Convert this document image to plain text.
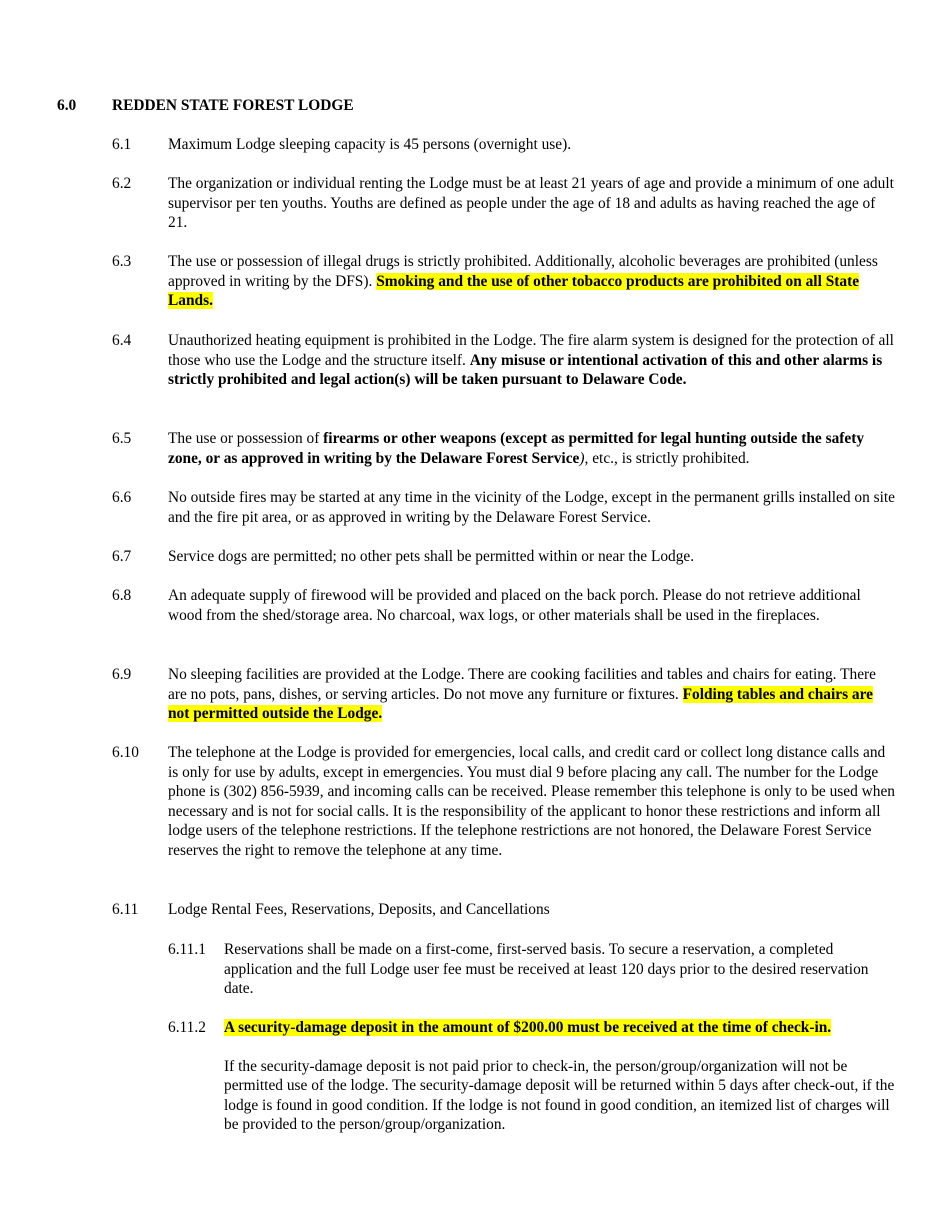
6.0 REDDEN STATE FOREST LODGE
6.1 Maximum Lodge sleeping capacity is 45 persons (overnight use).
6.2 The organization or individual renting the Lodge must be at least 21 years of age and provide a minimum of one adult supervisor per ten youths. Youths are defined as people under the age of 18 and adults as having reached the age of 21.
6.3 The use or possession of illegal drugs is strictly prohibited. Additionally, alcoholic beverages are prohibited (unless approved in writing by the DFS). Smoking and the use of other tobacco products are prohibited on all State Lands.
6.4 Unauthorized heating equipment is prohibited in the Lodge. The fire alarm system is designed for the protection of all those who use the Lodge and the structure itself. Any misuse or intentional activation of this and other alarms is strictly prohibited and legal action(s) will be taken pursuant to Delaware Code.
6.5 The use or possession of firearms or other weapons (except as permitted for legal hunting outside the safety zone, or as approved in writing by the Delaware Forest Service), etc., is strictly prohibited.
6.6 No outside fires may be started at any time in the vicinity of the Lodge, except in the permanent grills installed on site and the fire pit area, or as approved in writing by the Delaware Forest Service.
6.7 Service dogs are permitted; no other pets shall be permitted within or near the Lodge.
6.8 An adequate supply of firewood will be provided and placed on the back porch. Please do not retrieve additional wood from the shed/storage area. No charcoal, wax logs, or other materials shall be used in the fireplaces.
6.9 No sleeping facilities are provided at the Lodge. There are cooking facilities and tables and chairs for eating. There are no pots, pans, dishes, or serving articles. Do not move any furniture or fixtures. Folding tables and chairs are not permitted outside the Lodge.
6.10 The telephone at the Lodge is provided for emergencies, local calls, and credit card or collect long distance calls and is only for use by adults, except in emergencies. You must dial 9 before placing any call. The number for the Lodge phone is (302) 856-5939, and incoming calls can be received. Please remember this telephone is only to be used when necessary and is not for social calls. It is the responsibility of the applicant to honor these restrictions and inform all lodge users of the telephone restrictions. If the telephone restrictions are not honored, the Delaware Forest Service reserves the right to remove the telephone at any time.
6.11 Lodge Rental Fees, Reservations, Deposits, and Cancellations
6.11.1 Reservations shall be made on a first-come, first-served basis. To secure a reservation, a completed application and the full Lodge user fee must be received at least 120 days prior to the desired reservation date.
6.11.2 A security-damage deposit in the amount of $200.00 must be received at the time of check-in.

If the security-damage deposit is not paid prior to check-in, the person/group/organization will not be permitted use of the lodge. The security-damage deposit will be returned within 5 days after check-out, if the lodge is found in good condition. If the lodge is not found in good condition, an itemized list of charges will be provided to the person/group/organization.
